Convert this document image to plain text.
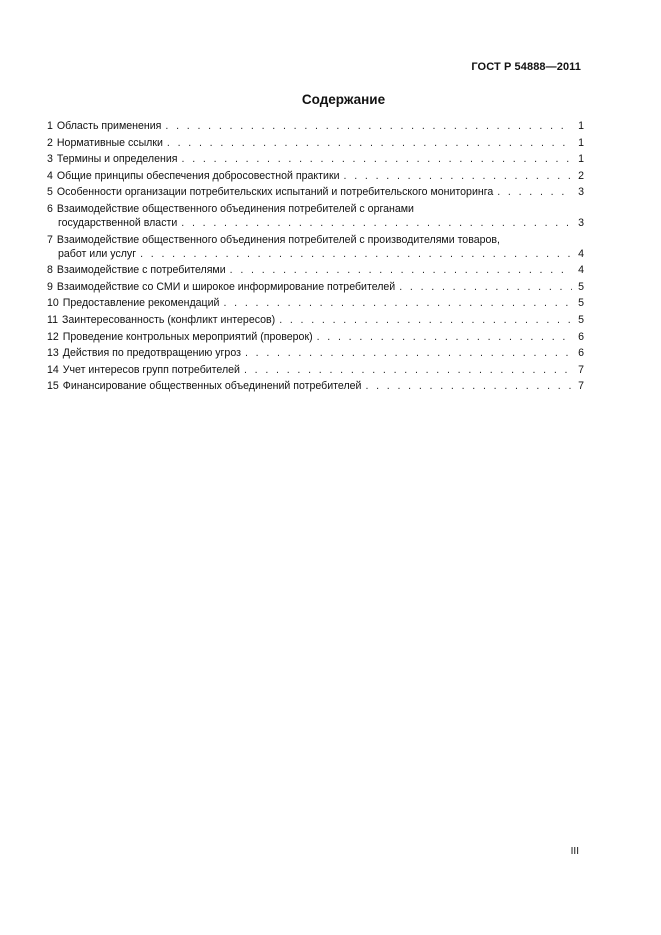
ГОСТ Р 54888—2011
Содержание
1 Область применения . . .	1
2 Нормативные ссылки . . .	1
3 Термины и определения . . .	1
4 Общие принципы обеспечения добросовестной практики . . .	2
5 Особенности организации потребительских испытаний и потребительского мониторинга . . .	3
6 Взаимодействие общественного объединения потребителей с органами
государственной власти . . .	3
7 Взаимодействие общественного объединения потребителей с производителями товаров,
работ или услуг . . .	4
8 Взаимодействие с потребителями . . .	4
9 Взаимодействие со СМИ и широкое информирование потребителей . . .	5
10 Предоставление рекомендаций . . .	5
11 Заинтересованность (конфликт интересов) . . .	5
12 Проведение контрольных мероприятий (проверок) . . .	6
13 Действия по предотвращению угроз . . .	6
14 Учет интересов групп потребителей . . .	7
15 Финансирование общественных объединений потребителей . . .	7
III
